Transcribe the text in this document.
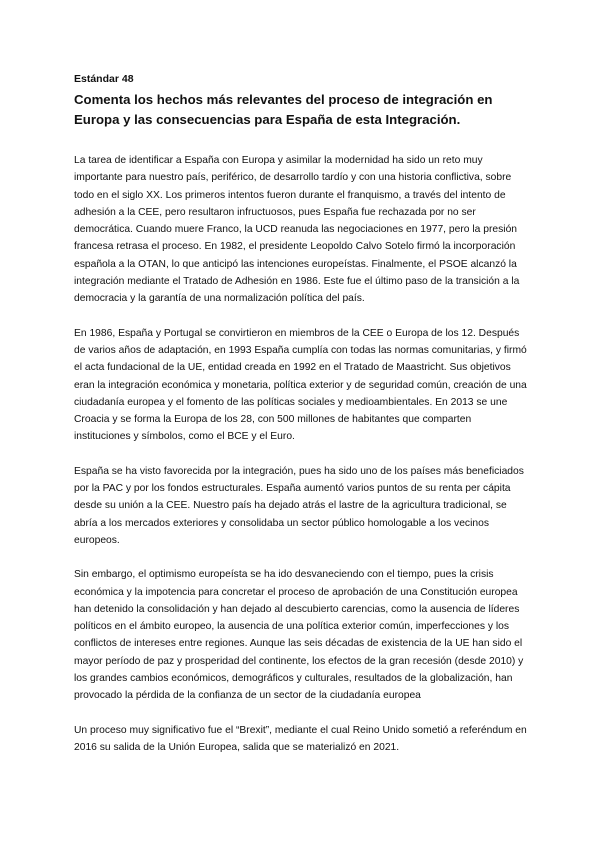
Estándar 48
Comenta los hechos más relevantes del proceso de integración en Europa y las consecuencias para España de esta Integración.

La tarea de identificar a España con Europa y asimilar la modernidad ha sido un reto muy importante para nuestro país, periférico, de desarrollo tardío y con una historia conflictiva, sobre todo en el siglo XX. Los primeros intentos fueron durante el franquismo, a través del intento de adhesión a la CEE, pero resultaron infructuosos, pues España fue rechazada por no ser democrática. Cuando muere Franco, la UCD reanuda las negociaciones en 1977, pero la presión francesa retrasa el proceso. En 1982, el presidente Leopoldo Calvo Sotelo firmó la incorporación española a la OTAN, lo que anticipó las intenciones europeístas. Finalmente, el PSOE alcanzó la integración mediante el Tratado de Adhesión en 1986. Este fue el último paso de la transición a la democracia y la garantía de una normalización política del país.

En 1986, España y Portugal se convirtieron en miembros de la CEE o Europa de los 12. Después de varios años de adaptación, en 1993 España cumplía con todas las normas comunitarias, y firmó el acta fundacional de la UE, entidad creada en 1992 en el Tratado de Maastricht. Sus objetivos eran la integración económica y monetaria, política exterior y de seguridad común, creación de una ciudadanía europea y el fomento de las políticas sociales y medioambientales. En 2013 se une Croacia y se forma la Europa de los 28, con 500 millones de habitantes que comparten instituciones y símbolos, como el BCE y el Euro.

España se ha visto favorecida por la integración, pues ha sido uno de los países más beneficiados por la PAC y por los fondos estructurales. España aumentó varios puntos de su renta per cápita desde su unión a la CEE. Nuestro país ha dejado atrás el lastre de la agricultura tradicional, se abría a los mercados exteriores y consolidaba un sector público homologable a los vecinos europeos.

Sin embargo, el optimismo europeísta se ha ido desvaneciendo con el tiempo, pues la crisis económica y la impotencia para concretar el proceso de aprobación de una Constitución europea han detenido la consolidación y han dejado al descubierto carencias, como la ausencia de líderes políticos en el ámbito europeo, la ausencia de una política exterior común, imperfecciones y los conflictos de intereses entre regiones. Aunque las seis décadas de existencia de la UE han sido el mayor período de paz y prosperidad del continente, los efectos de la gran recesión (desde 2010) y los grandes cambios económicos, demográficos y culturales, resultados de la globalización, han provocado la pérdida de la confianza de un sector de la ciudadanía europea

Un proceso muy significativo fue el “Brexit”, mediante el cual Reino Unido sometió a referéndum en 2016 su salida de la Unión Europea, salida que se materializó en 2021.
